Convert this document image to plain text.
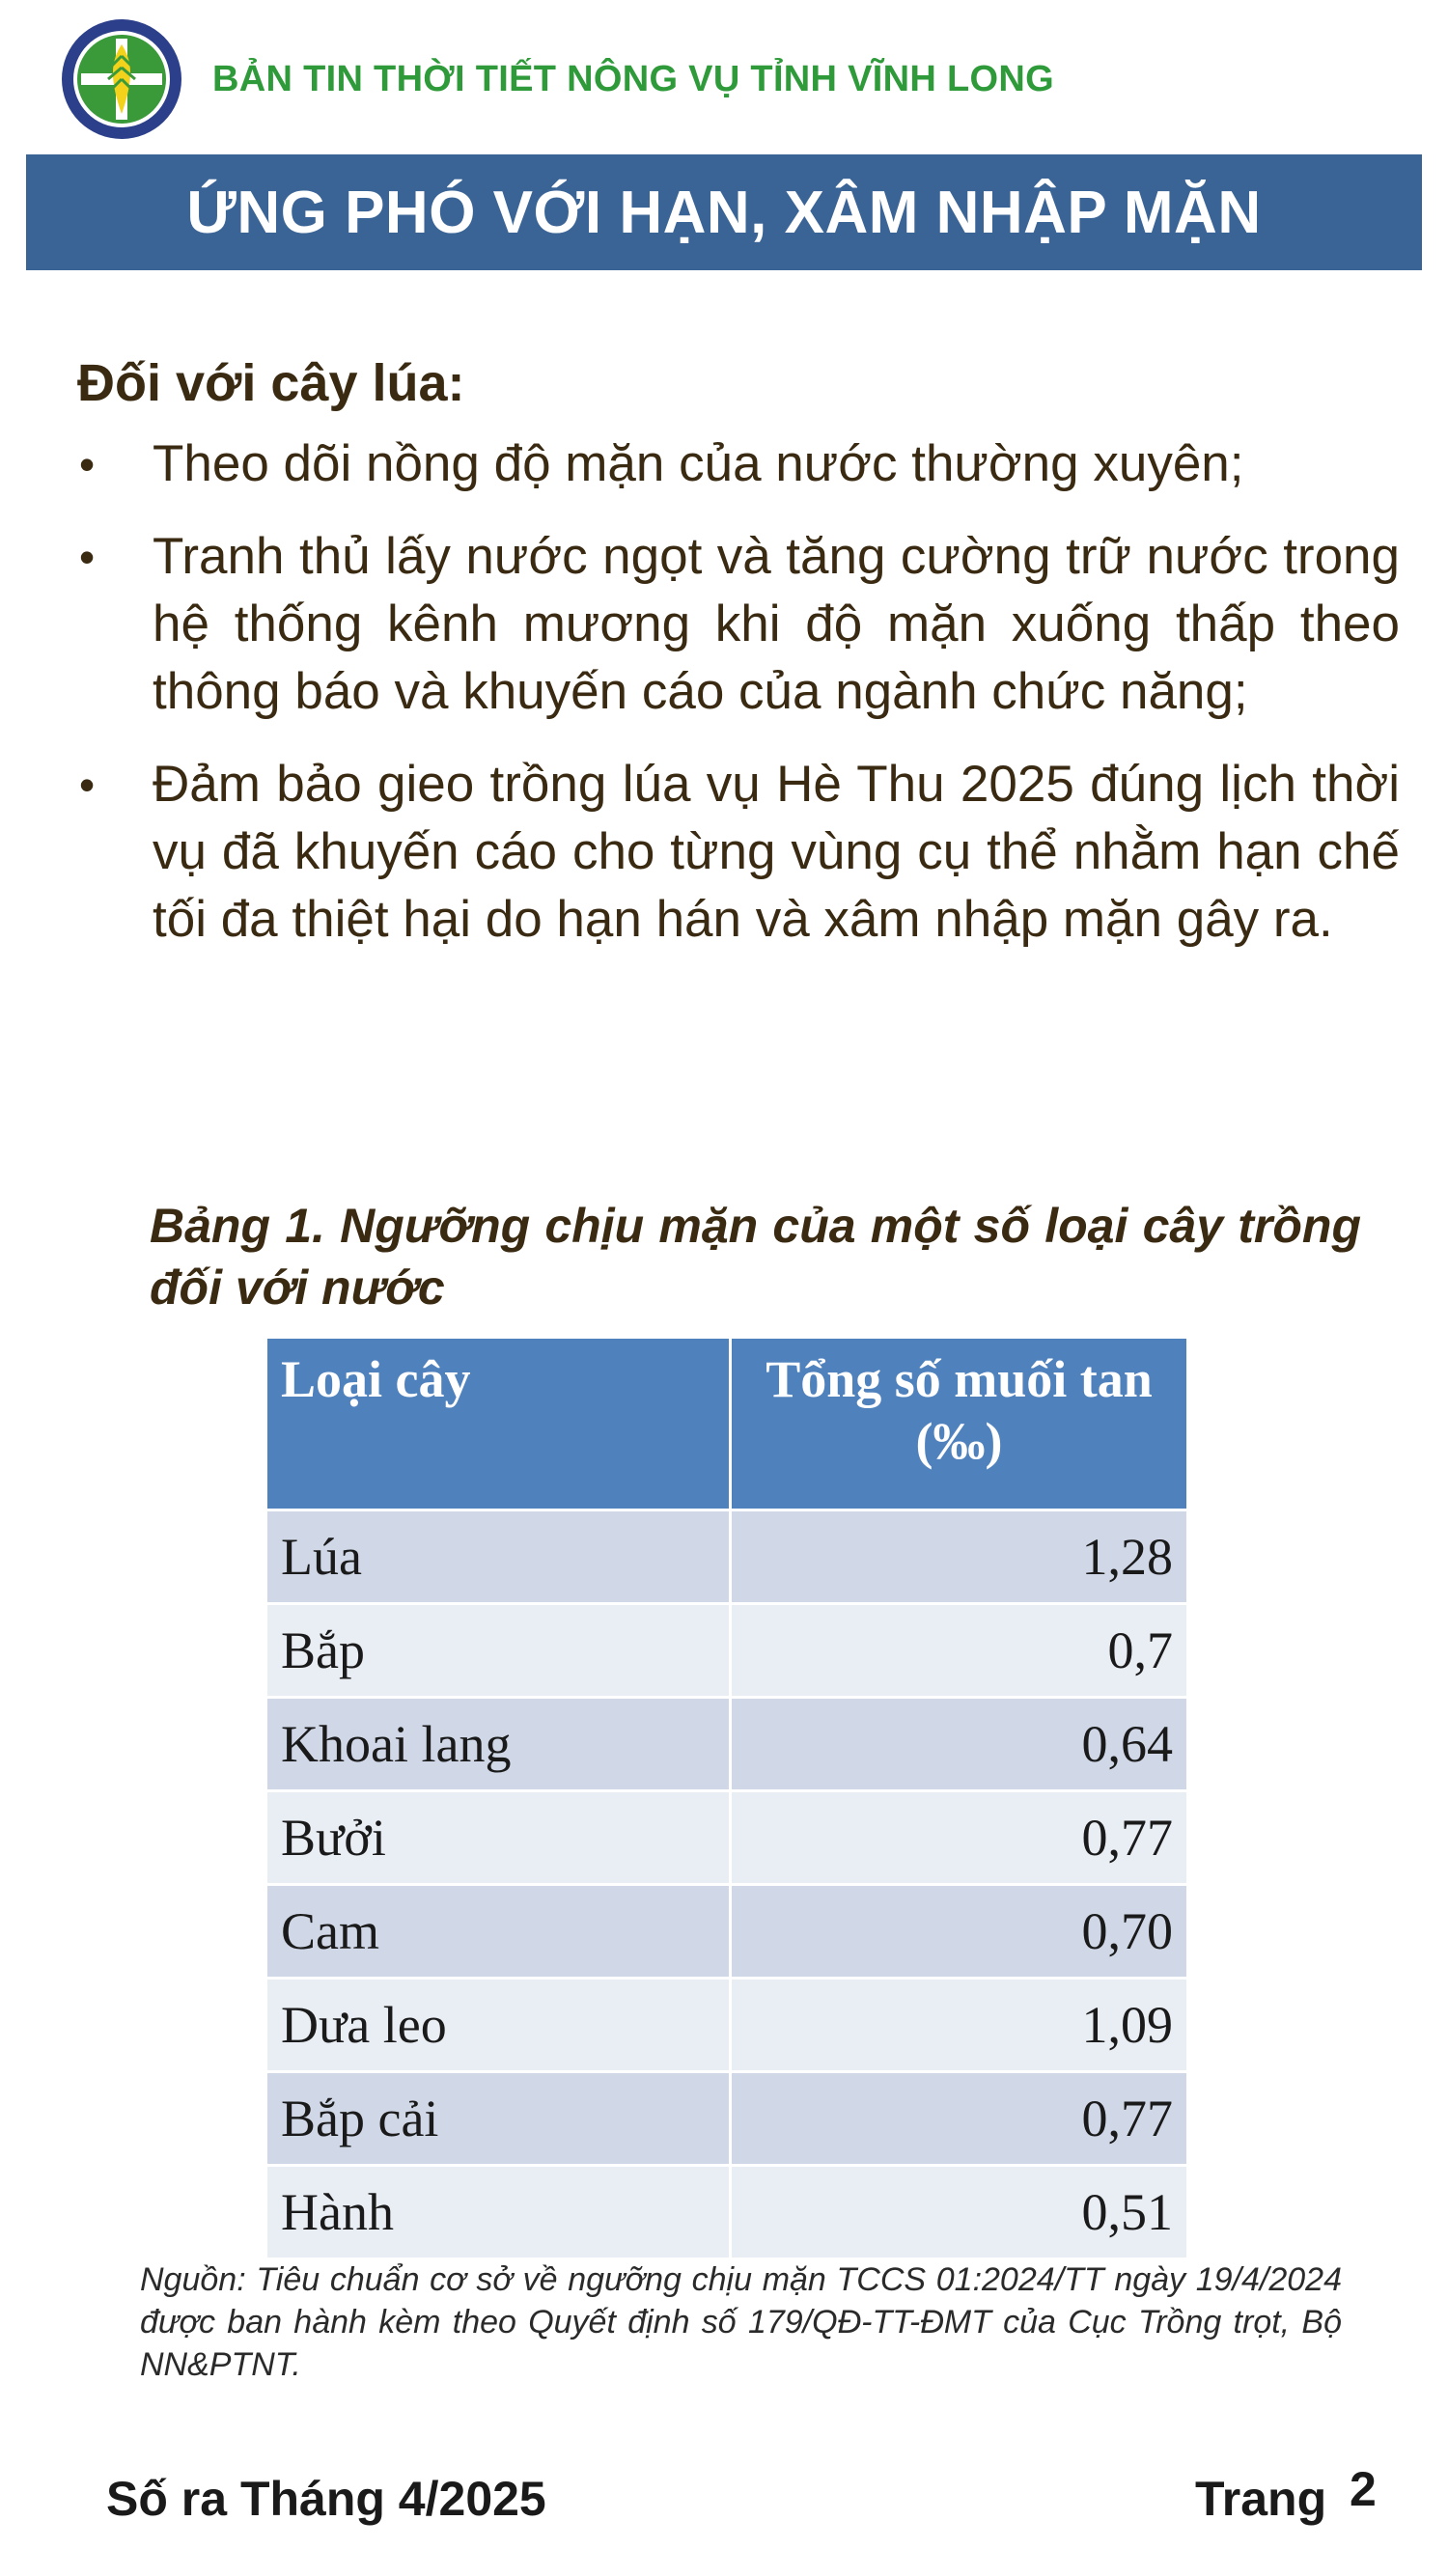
BẢN TIN THỜI TIẾT NÔNG VỤ TỈNH VĨNH LONG
ỨNG PHÓ VỚI HẠN, XÂM NHẬP MẶN
Đối với cây lúa:
• Theo dõi nồng độ mặn của nước thường xuyên;
• Tranh thủ lấy nước ngọt và tăng cường trữ nước trong hệ thống kênh mương khi độ mặn xuống thấp theo thông báo và khuyến cáo của ngành chức năng;
• Đảm bảo gieo trồng lúa vụ Hè Thu 2025 đúng lịch thời vụ đã khuyến cáo cho từng vùng cụ thể nhằm hạn chế tối đa thiệt hại do hạn hán và xâm nhập mặn gây ra.
Bảng 1. Ngưỡng chịu mặn của một số loại cây trồng đối với nước
Loại cây	Tổng số muối tan (‰)
Lúa	1,28
Bắp	0,7
Khoai lang	0,64
Bưởi	0,77
Cam	0,70
Dưa leo	1,09
Bắp cải	0,77
Hành	0,51
Nguồn: Tiêu chuẩn cơ sở về ngưỡng chịu mặn TCCS 01:2024/TT ngày 19/4/2024 được ban hành kèm theo Quyết định số 179/QĐ-TT-ĐMT của Cục Trồng trọt, Bộ NN&PTNT.
Số ra Tháng 4/2025	Trang 2
